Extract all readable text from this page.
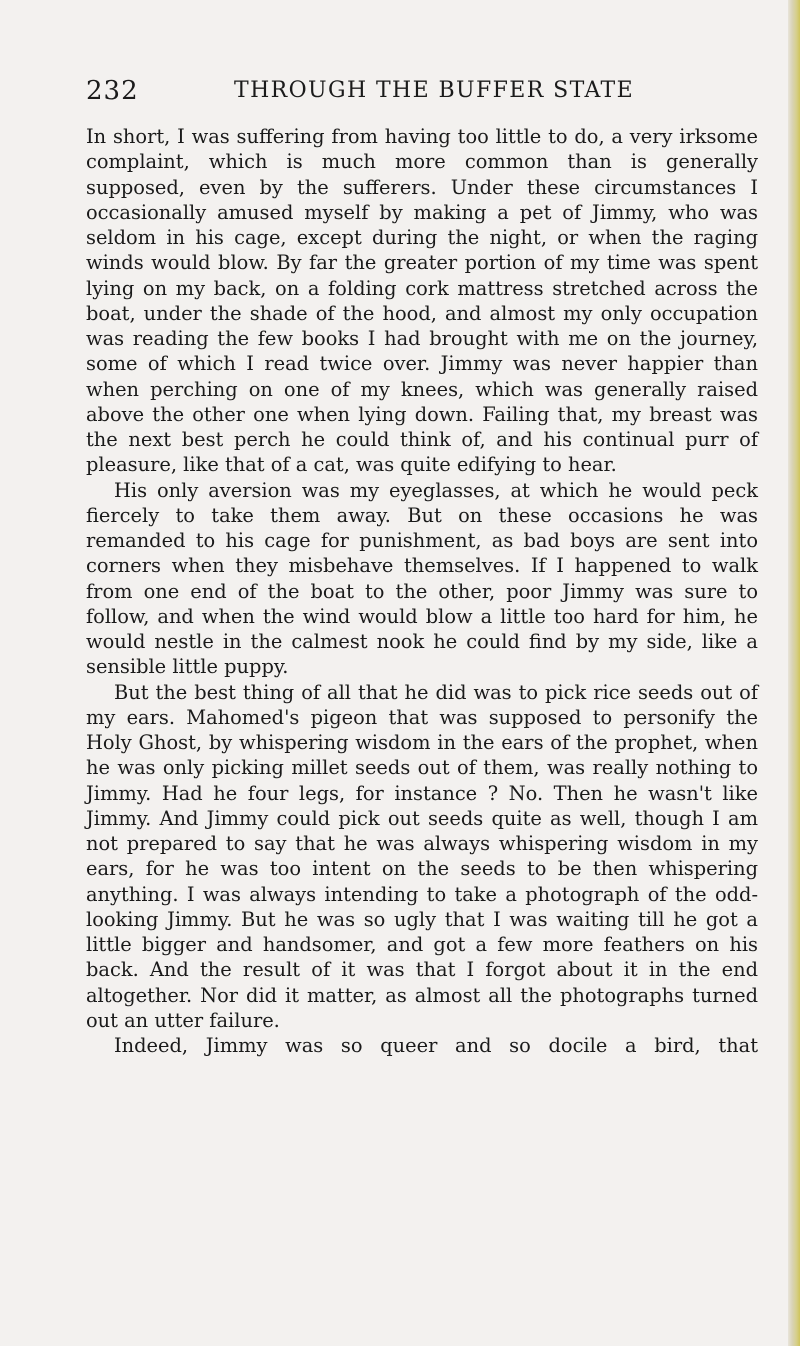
232	THROUGH THE BUFFER STATE

In short, I was suffering from having too little to do, a very irksome complaint, which is much more common than is generally supposed, even by the sufferers. Under these circumstances I occasionally amused myself by making a pet of Jimmy, who was seldom in his cage, except during the night, or when the raging winds would blow. By far the greater portion of my time was spent lying on my back, on a folding cork mattress stretched across the boat, under the shade of the hood, and almost my only occupation was reading the few books I had brought with me on the journey, some of which I read twice over. Jimmy was never happier than when perching on one of my knees, which was generally raised above the other one when lying down. Failing that, my breast was the next best perch he could think of, and his continual purr of pleasure, like that of a cat, was quite edifying to hear.

His only aversion was my eyeglasses, at which he would peck fiercely to take them away. But on these occasions he was remanded to his cage for punishment, as bad boys are sent into corners when they misbehave themselves. If I happened to walk from one end of the boat to the other, poor Jimmy was sure to follow, and when the wind would blow a little too hard for him, he would nestle in the calmest nook he could find by my side, like a sensible little puppy.

But the best thing of all that he did was to pick rice seeds out of my ears. Mahomed's pigeon that was supposed to personify the Holy Ghost, by whispering wisdom in the ears of the prophet, when he was only picking millet seeds out of them, was really nothing to Jimmy. Had he four legs, for instance ? No. Then he wasn't like Jimmy. And Jimmy could pick out seeds quite as well, though I am not prepared to say that he was always whispering wisdom in my ears, for he was too intent on the seeds to be then whispering anything. I was always intending to take a photograph of the odd-looking Jimmy. But he was so ugly that I was waiting till he got a little bigger and handsomer, and got a few more feathers on his back. And the result of it was that I forgot about it in the end altogether. Nor did it matter, as almost all the photographs turned out an utter failure.

Indeed, Jimmy was so queer and so docile a bird, that
